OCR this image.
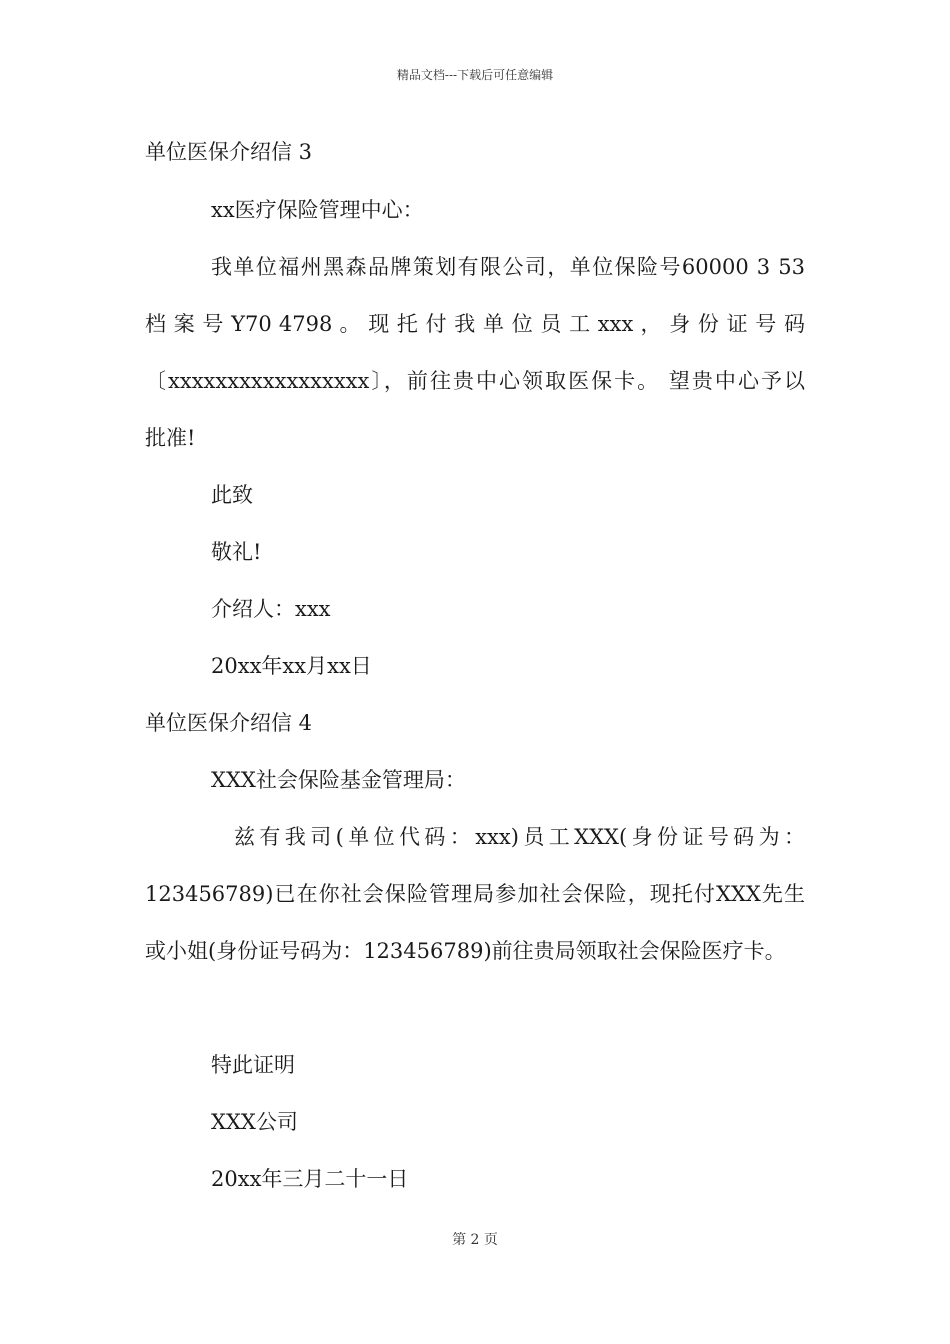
精品文档---下载后可任意编辑
单位医保介绍信 3
xx医疗保险管理中心：
我单位福州黑森品牌策划有限公司，单位保险号60000 3 53
档 案 号 Y70 4798 。 现 托 付 我 单 位 员 工 xxx ， 身 份 证 号 码
〔xxxxxxxxxxxxxxxxx〕，前往贵中心领取医保卡。 望贵中心予以
批准!
此致
敬礼!
介绍人：xxx
20xx年xx月xx日
单位医保介绍信 4
XXX社会保险基金管理局：
兹有我司(单位代码：xxx)员工XXX(身份证号码为：
123456789)已在你社会保险管理局参加社会保险，现托付XXX先生
或小姐(身份证号码为：123456789)前往贵局领取社会保险医疗卡。
特此证明
XXX公司
20xx年三月二十一日
第 2 页
